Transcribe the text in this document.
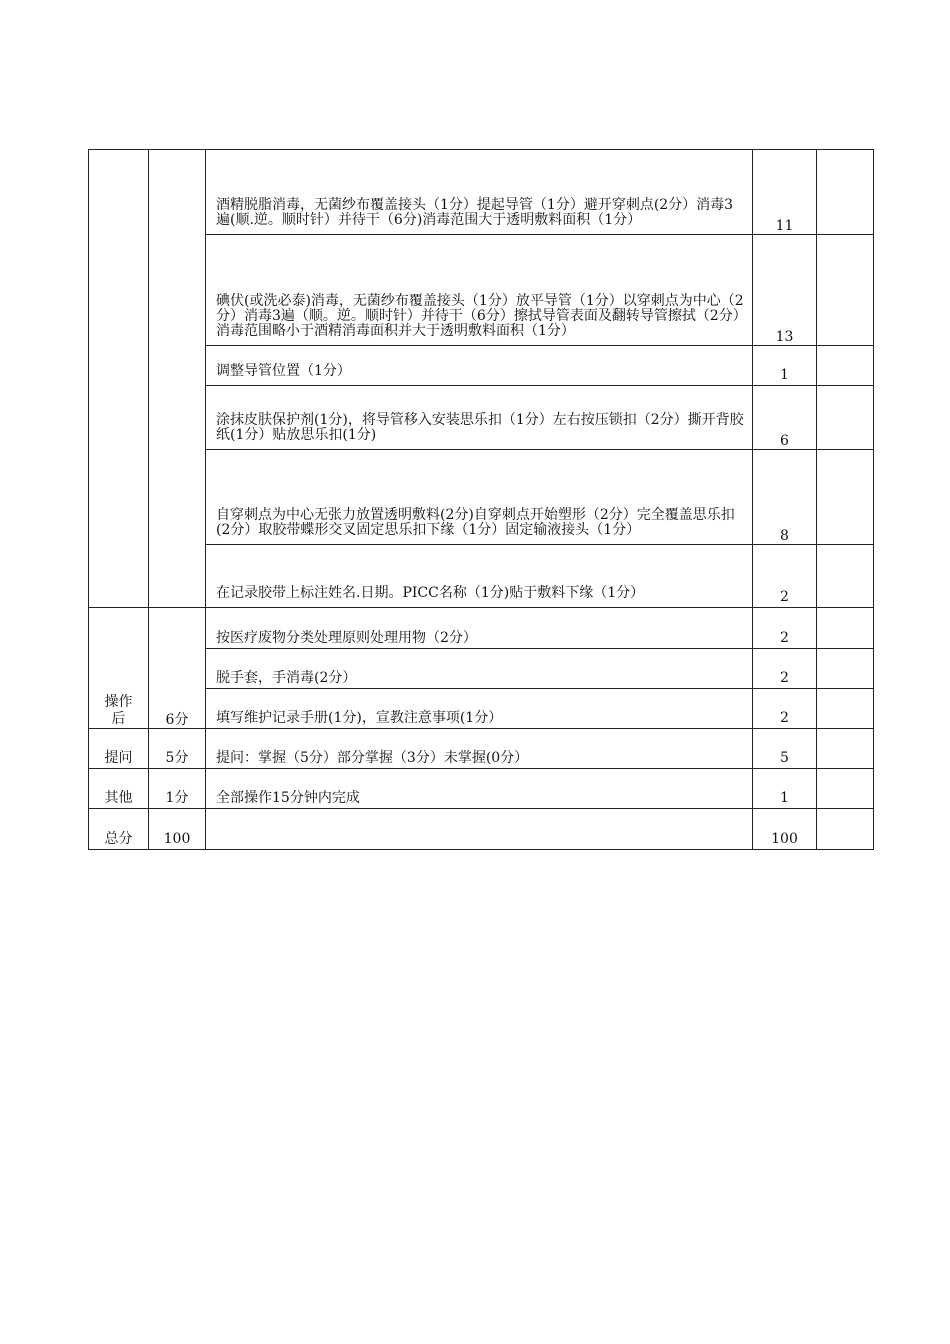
		酒精脱脂消毒，无菌纱布覆盖接头（1分）提起导管（1分）避开穿刺点(2分）消毒3遍(顺.逆。顺时针）并待干（6分)消毒范围大于透明敷料面积（1分）	11	
		碘伏(或洗必泰)消毒，无菌纱布覆盖接头（1分）放平导管（1分）以穿刺点为中心（2分）消毒3遍（顺。逆。顺时针）并待干（6分）擦拭导管表面及翻转导管擦拭（2分）消毒范围略小于酒精消毒面积并大于透明敷料面积（1分）	13	
		调整导管位置（1分）	1	
		涂抹皮肤保护剂(1分)，将导管移入安装思乐扣（1分）左右按压锁扣（2分）撕开背胶纸(1分）贴放思乐扣(1分)	6	
		自穿刺点为中心无张力放置透明敷料(2分)自穿刺点开始塑形（2分）完全覆盖思乐扣(2分）取胶带蝶形交叉固定思乐扣下缘（1分）固定输液接头（1分）	8	
		在记录胶带上标注姓名.日期。PICC名称（1分)贴于敷料下缘（1分）	2	
操作后	6分	按医疗废物分类处理原则处理用物（2分）	2	
		脱手套，手消毒(2分）	2	
		填写维护记录手册(1分)，宣教注意事项(1分）	2	
提问	5分	提问：掌握（5分）部分掌握（3分）未掌握(0分）	5	
其他	1分	全部操作15分钟内完成	1	
总分	100		100	
